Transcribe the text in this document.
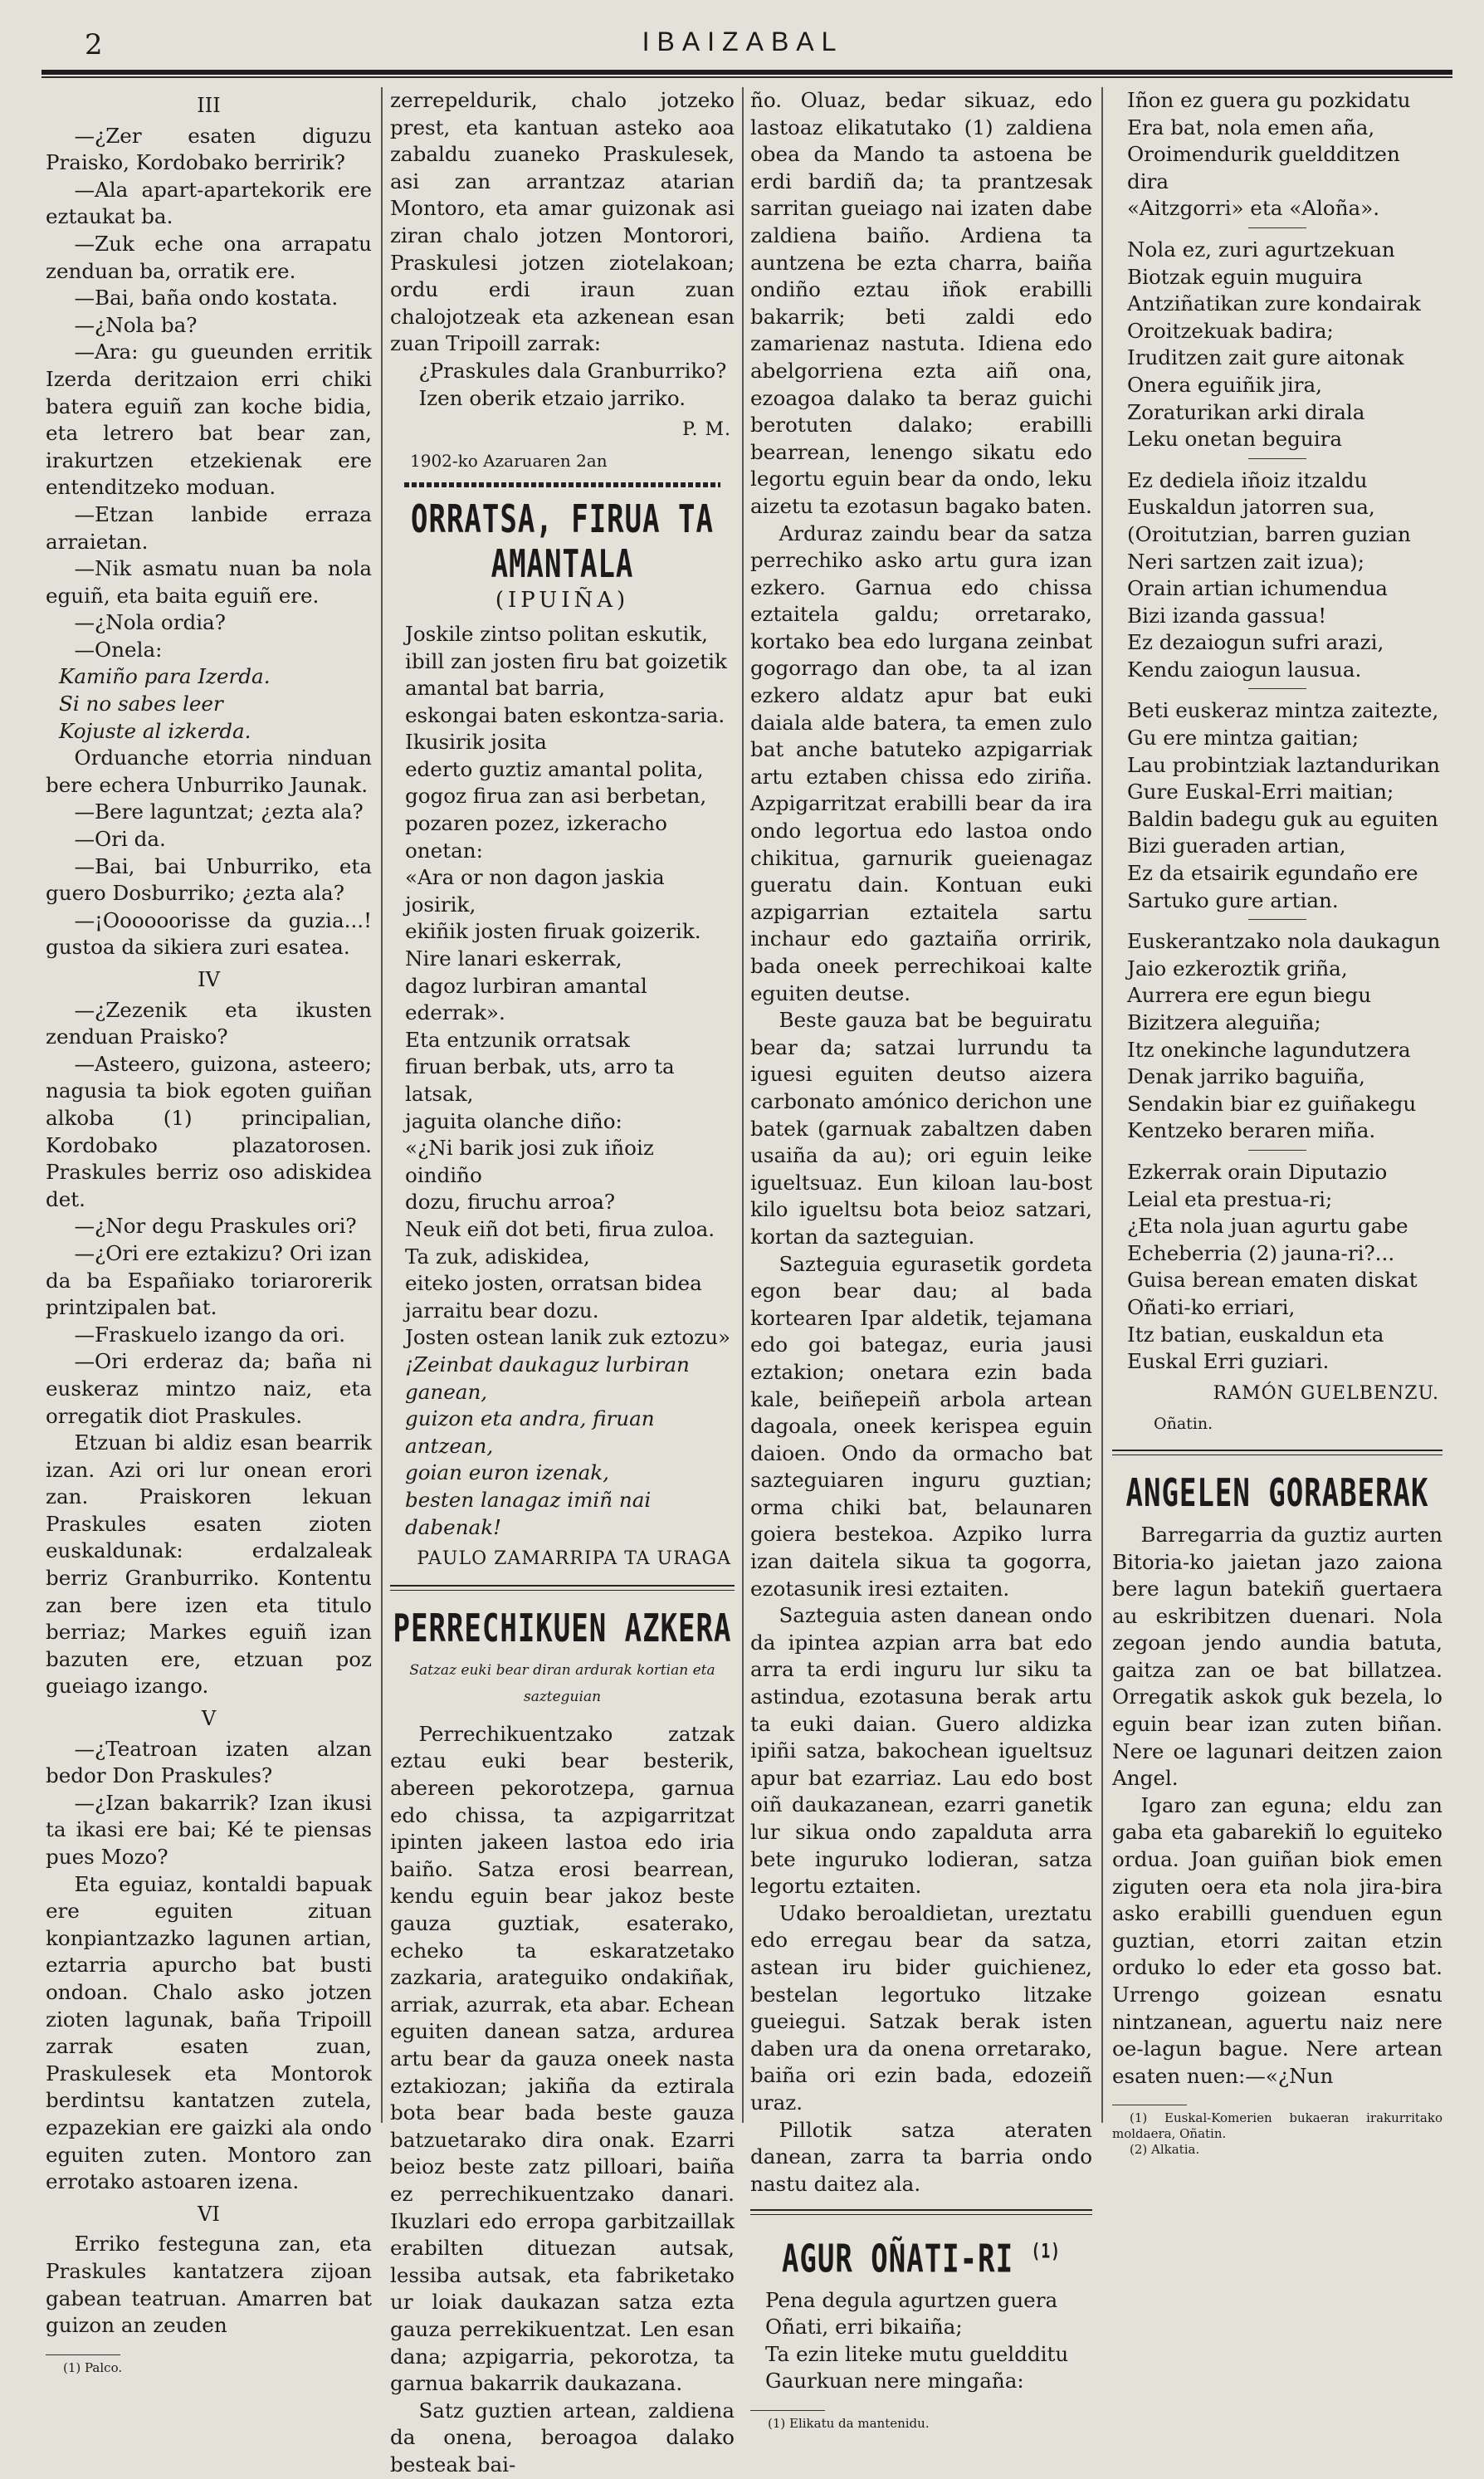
2	IBAIZABAL
III

—¿Zer esaten diguzu Praisko, Kordobako berririk?

—Ala apart-apartekorik ere eztaukat ba.

—Zuk eche ona arrapatu zenduan ba, orratik ere.

—Bai, baña ondo kostata.

—¿Nola ba?

—Ara: gu gueunden erritik Izerda deritzaion erri chiki batera eguiñ zan koche bidia, eta letrero bat bear zan, irakurtzen etzekienak ere entenditzeko moduan.

—Etzan lanbide erraza arraietan.

—Nik asmatu nuan ba nola eguiñ, eta baita eguiñ ere.

—¿Nola ordia?

—Onela:

Kamiño para Izerda.
Si no sabes leer
Kojuste al izkerda.

Orduanche etorria ninduan bere echera Unburriko Jaunak.

—Bere laguntzat; ¿ezta ala?

—Ori da.

—Bai, bai Unburriko, eta guero Dosburriko; ¿ezta ala?

—¡Oooooorisse da guzia...! gustoa da sikiera zuri esatea.

IV

—¿Zezenik eta ikusten zenduan Praisko?

—Asteero, guizona, asteero; nagusia ta biok egoten guiñan alkoba (1) principalian, Kordobako plazatorosen. Praskules berriz oso adiskidea det.

—¿Nor degu Praskules ori?

—¿Ori ere eztakizu? Ori izan da ba Españiako toriarorerik printzipalen bat.

—Fraskuelo izango da ori.

—Ori erderaz da; baña ni euskeraz mintzo naiz, eta orregatik diot Praskules.

Etzuan bi aldiz esan bearrik izan. Azi ori lur onean erori zan. Praiskoren lekuan Praskules esaten zioten euskaldunak: erdalzaleak berriz Granburriko. Kontentu zan bere izen eta titulo berriaz; Markes eguiñ izan bazuten ere, etzuan poz gueiago izango.

V

—¿Teatroan izaten alzan bedor Don Praskules?

—¿Izan bakarrik? Izan ikusi ta ikasi ere bai; Ké te piensas pues Mozo?

Eta eguiaz, kontaldi bapuak ere eguiten zituan konpiantzazko lagunen artian, eztarria apurcho bat busti ondoan. Chalo asko jotzen zioten lagunak, baña Tripoill zarrak esaten zuan, Praskulesek eta Montorok berdintsu kantatzen zutela, ezpazekian ere gaizki ala ondo eguiten zuten. Montoro zan errotako astoaren izena.

VI

Erriko festeguna zan, eta Praskules kantatzera zijoan gabean teatruan. Amarren bat guizon an zeuden

(1) Palco.

zerrepeldurik, chalo jotzeko prest, eta kantuan asteko aoa zabaldu zuaneko Praskulesek, asi zan arrantzaz atarian Montoro, eta amar guizonak asi ziran chalo jotzen Montorori, Praskulesi jotzen ziotelakoan; ordu erdi iraun zuan chalojotzeak eta azkenean esan zuan Tripoill zarrak:

¿Praskules dala Granburriko?

Izen oberik etzaio jarriko.

P. M.
1902-ko Azaruaren 2an
ORRATSA, FIRUA TA AMANTALA
(IPUIÑA)
Joskile zintso politan eskutik,
ibill zan josten firu bat goizetik
amantal bat barria,
eskongai baten eskontza-saria.
Ikusirik josita
ederto guztiz amantal polita,
gogoz firua zan asi berbetan,
pozaren pozez, izkeracho onetan:
«Ara or non dagon jaskia josirik,
ekiñik josten firuak goizerik.
Nire lanari eskerrak,
dagoz lurbiran amantal ederrak».
Eta entzunik orratsak
firuan berbak, uts, arro ta latsak,
jaguita olanche diño:
«¿Ni barik josi zuk iñoiz oindiño
dozu, firuchu arroa?
Neuk eiñ dot beti, firua zuloa.
Ta zuk, adiskidea,
eiteko josten, orratsan bidea
jarraitu bear dozu.
Josten ostean lanik zuk eztozu»
¡Zeinbat daukaguz lurbiran ganean,
guizon eta andra, firuan antzean,
goian euron izenak,
besten lanagaz imiñ nai dabenak!
PAULO ZAMARRIPA TA URAGA
PERRECHIKUEN AZKERA
Satzaz euki bear diran ardurak kortian eta sazteguian

Perrechikuentzako zatzak eztau euki bear besterik, abereen pekorotzepa, garnua edo chissa, ta azpigarritzat ipinten jakeen lastoa edo iria baiño. Satza erosi bearrean, kendu eguin bear jakoz beste gauza guztiak, esaterako, echeko ta eskaratzetako zazkaria, arateguiko ondakiñak, arriak, azurrak, eta abar. Echean eguiten danean satza, ardurea artu bear da gauza oneek nasta eztakiozan; jakiña da eztirala bota bear bada beste gauza batzuetarako dira onak. Ezarri beioz beste zatz pilloari, baiña ez perrechikuentzako danari. Ikuzlari edo erropa garbitzaillak erabilten dituezan autsak, lessiba autsak, eta fabriketako ur loiak daukazan satza ezta gauza perrekikuentzat. Len esan dana; azpigarria, pekorotza, ta garnua bakarrik daukazana.

Satz guztien artean, zaldiena da onena, beroagoa dalako besteak bai-

ño. Oluaz, bedar sikuaz, edo lastoaz elikatutako (1) zaldiena obea da Mando ta astoena be erdi bardiñ da; ta prantzesak sarritan gueiago nai izaten dabe zaldiena baiño. Ardiena ta auntzena be ezta charra, baiña ondiño eztau iñok erabilli bakarrik; beti zaldi edo zamarienaz nastuta. Idiena edo abelgorriena ezta aiñ ona, ezoagoa dalako ta beraz guichi berotuten dalako; erabilli bearrean, lenengo sikatu edo legortu eguin bear da ondo, leku aizetu ta ezotasun bagako baten.

Arduraz zaindu bear da satza perrechiko asko artu gura izan ezkero. Garnua edo chissa eztaitela galdu; orretarako, kortako bea edo lurgana zeinbat gogorrago dan obe, ta al izan ezkero aldatz apur bat euki daiala alde batera, ta emen zulo bat anche batuteko azpigarriak artu eztaben chissa edo ziriña. Azpigarritzat erabilli bear da ira ondo legortua edo lastoa ondo chikitua, garnurik gueienagaz gueratu dain. Kontuan euki azpigarrian eztaitela sartu inchaur edo gaztaiña orririk, bada oneek perrechikoai kalte eguiten deutse.

Beste gauza bat be beguiratu bear da; satzai lurrundu ta iguesi eguiten deutso aizera carbonato amónico derichon une batek (garnuak zabaltzen daben usaiña da au); ori eguin leike igueltsuaz. Eun kiloan lau-bost kilo igueltsu bota beioz satzari, kortan da sazteguian.

Sazteguia egurasetik gordeta egon bear dau; al bada kortearen Ipar aldetik, tejamana edo goi bategaz, euria jausi eztakion; onetara ezin bada kale, beiñepeiñ arbola artean dagoala, oneek kerispea eguin daioen. Ondo da ormacho bat sazteguiaren inguru guztian; orma chiki bat, belaunaren goiera bestekoa. Azpiko lurra izan daitela sikua ta gogorra, ezotasunik iresi eztaiten.

Sazteguia asten danean ondo da ipintea azpian arra bat edo arra ta erdi inguru lur siku ta astindua, ezotasuna berak artu ta euki daian. Guero aldizka ipiñi satza, bakochean igueltsuz apur bat ezarriaz. Lau edo bost oiñ daukazanean, ezarri ganetik lur sikua ondo zapalduta arra bete inguruko lodieran, satza legortu eztaiten.

Udako beroaldietan, ureztatu edo erregau bear da satza, astean iru bider guichienez, bestelan legortuko litzake gueiegui. Satzak berak isten daben ura da onena orretarako, baiña ori ezin bada, edozeiñ uraz.

Pillotik satza ateraten danean, zarra ta barria ondo nastu daitez ala.

AGUR OÑATI-RI $^{(1)}$
Pena degula agurtzen guera
Oñati, erri bikaiña;
Ta ezin liteke mutu gueldditu
Gaurkuan nere mingaña:

(1) Elikatu da mantenidu.

Iñon ez guera gu pozkidatu
Era bat, nola emen aña,
Oroimendurik gueldditzen dira
«Aitzgorri» eta «Aloña».
Nola ez, zuri agurtzekuan
Biotzak eguin muguira
Antziñatikan zure kondairak
Oroitzekuak badira;
Iruditzen zait gure aitonak
Onera eguiñik jira,
Zoraturikan arki dirala
Leku onetan beguira
Ez dediela iñoiz itzaldu
Euskaldun jatorren sua,
(Oroitutzian, barren guzian
Neri sartzen zait izua);
Orain artian ichumendua
Bizi izanda gassua!
Ez dezaiogun sufri arazi,
Kendu zaiogun lausua.
Beti euskeraz mintza zaitezte,
Gu ere mintza gaitian;
Lau probintziak laztandurikan
Gure Euskal-Erri maitian;
Baldin badegu guk au eguiten
Bizi gueraden artian,
Ez da etsairik egundaño ere
Sartuko gure artian.
Euskerantzako nola daukagun
Jaio ezkeroztik griña,
Aurrera ere egun biegu
Bizitzera aleguiña;
Itz onekinche lagundutzera
Denak jarriko baguiña,
Sendakin biar ez guiñakegu
Kentzeko beraren miña.
Ezkerrak orain Diputazio
Leial eta prestua-ri;
¿Eta nola juan agurtu gabe
Echeberria (2) jauna-ri?...
Guisa berean ematen diskat
Oñati-ko erriari,
Itz batian, euskaldun eta
Euskal Erri guziari.
RAMÓN GUELBENZU.
Oñatin.
ANGELEN GORABERAK

Barregarria da guztiz aurten Bitoria-ko jaietan jazo zaiona bere lagun batekiñ guertaera au eskribitzen duenari. Nola zegoan jendo aundia batuta, gaitza zan oe bat billatzea. Orregatik askok guk bezela, lo eguin bear izan zuten biñan. Nere oe lagunari deitzen zaion Angel.

Igaro zan eguna; eldu zan gaba eta gabarekiñ lo eguiteko ordua. Joan guiñan biok emen ziguten oera eta nola jira-bira asko erabilli guenduen egun guztian, etorri zaitan etzin orduko lo eder eta gosso bat. Urrengo goizean esnatu nintzanean, aguertu naiz nere oe-lagun bague. Nere artean esaten nuen:—«¿Nun

(1) Euskal-Komerien bukaeran irakurritako moldaera, Oñatin.

(2) Alkatia.
